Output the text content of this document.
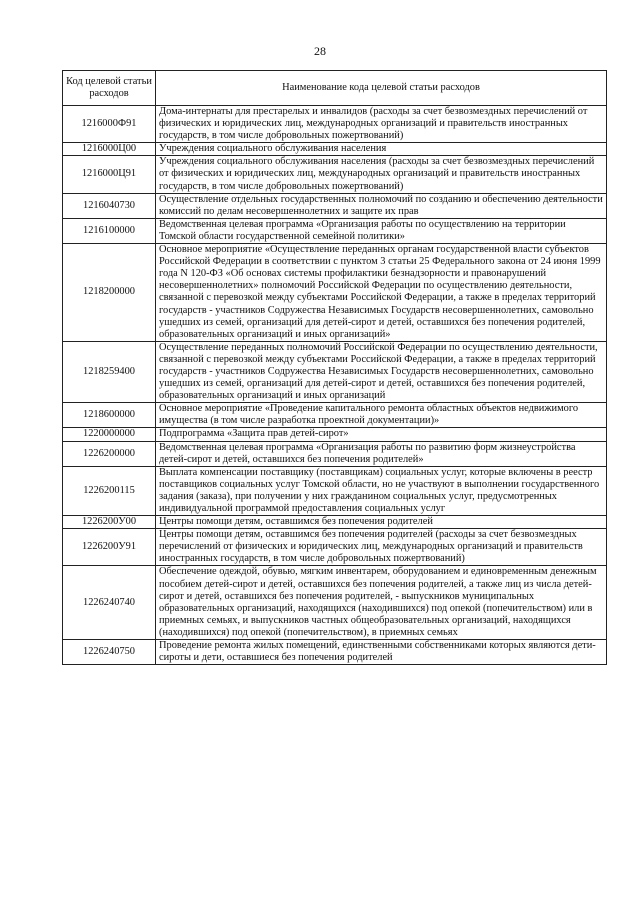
28
Код целевой статьи расходов	Наименование кода целевой статьи расходов
1216000Ф91	Дома-интернаты для престарелых и инвалидов (расходы за счет безвозмездных перечислений от физических и юридических лиц, международных организаций и правительств иностранных государств, в том числе добровольных пожертвований)
1216000Ц00	Учреждения социального обслуживания населения
1216000Ц91	Учреждения социального обслуживания населения (расходы за счет безвозмездных перечислений от физических и юридических лиц, международных организаций и правительств иностранных государств, в том числе добровольных пожертвований)
1216040730	Осуществление отдельных государственных полномочий по созданию и обеспечению деятельности комиссий по делам несовершеннолетних и защите их прав
1216100000	Ведомственная целевая программа «Организация работы по осуществлению на территории Томской области государственной семейной политики»
1218200000	Основное мероприятие «Осуществление переданных органам государственной власти субъектов Российской Федерации в соответствии с пунктом 3 статьи 25 Федерального закона от 24 июня 1999 года N 120-ФЗ «Об основах системы профилактики безнадзорности и правонарушений несовершеннолетних» полномочий Российской Федерации по осуществлению деятельности, связанной с перевозкой между субъектами Российской Федерации, а также в пределах территорий государств - участников Содружества Независимых Государств несовершеннолетних, самовольно ушедших из семей, организаций для детей-сирот и детей, оставшихся без попечения родителей, образовательных организаций и иных организаций»
1218259400	Осуществление переданных полномочий Российской Федерации по осуществлению деятельности, связанной с перевозкой между субъектами Российской Федерации, а также в пределах территорий государств - участников Содружества Независимых Государств несовершеннолетних, самовольно ушедших из семей, организаций для детей-сирот и детей, оставшихся без попечения родителей, образовательных организаций и иных организаций
1218600000	Основное мероприятие «Проведение капитального ремонта областных объектов недвижимого имущества (в том числе разработка проектной документации)»
1220000000	Подпрограмма «Защита прав детей-сирот»
1226200000	Ведомственная целевая программа «Организация работы по развитию форм жизнеустройства детей-сирот и детей, оставшихся без попечения родителей»
1226200115	Выплата компенсации поставщику (поставщикам) социальных услуг, которые включены в реестр поставщиков социальных услуг Томской области, но не участвуют в выполнении государственного задания (заказа), при получении у них гражданином социальных услуг, предусмотренных индивидуальной программой предоставления социальных услуг
1226200У00	Центры помощи детям, оставшимся без попечения родителей
1226200У91	Центры помощи детям, оставшимся без попечения родителей (расходы за счет безвозмездных перечислений от физических и юридических лиц, международных организаций и правительств иностранных государств, в том числе добровольных пожертвований)
1226240740	Обеспечение одеждой, обувью, мягким инвентарем, оборудованием и единовременным денежным пособием детей-сирот и детей, оставшихся без попечения родителей, а также лиц из числа детей-сирот и детей, оставшихся без попечения родителей, - выпускников муниципальных образовательных организаций, находящихся (находившихся) под опекой (попечительством) или в приемных семьях, и выпускников частных общеобразовательных организаций, находящихся (находившихся) под опекой (попечительством), в приемных семьях
1226240750	Проведение ремонта жилых помещений, единственными собственниками которых являются дети-сироты и дети, оставшиеся без попечения родителей
